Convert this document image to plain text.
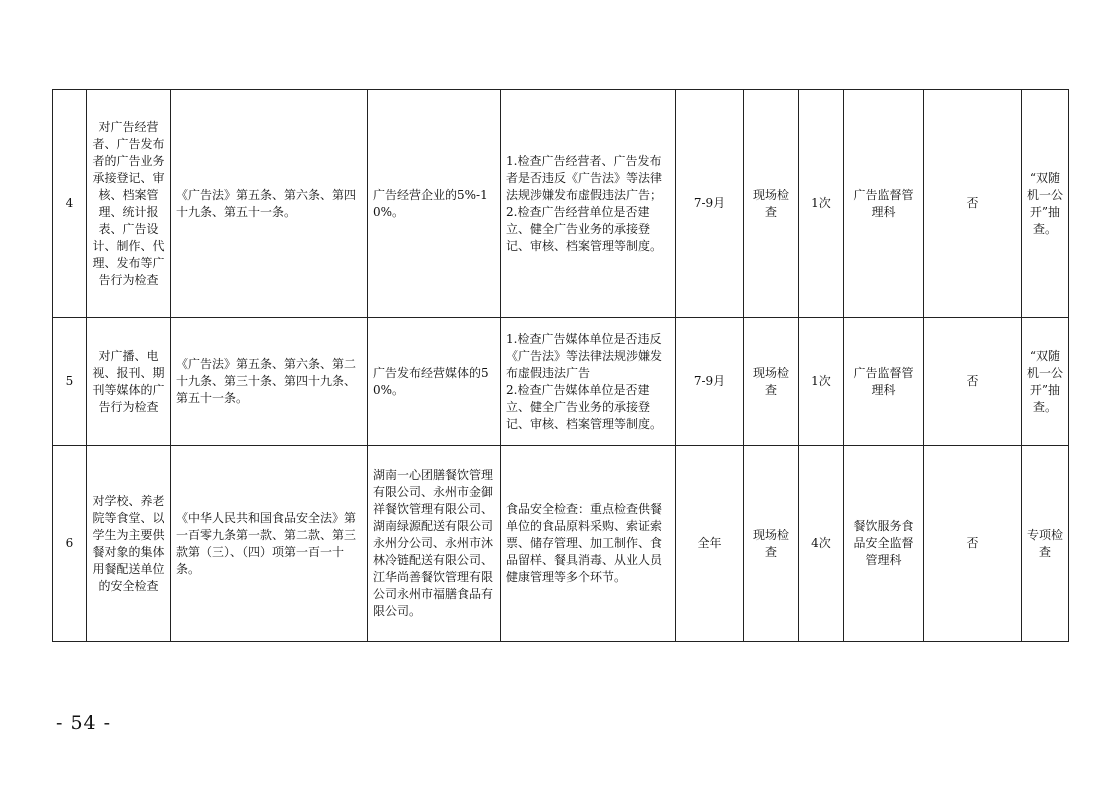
4	对广告经营者、广告发布者的广告业务承接登记、审核、档案管理、统计报表、广告设计、制作、代理、发布等广告行为检查	《广告法》第五条、第六条、第四十九条、第五十一条。	广告经营企业的5%-10%。	1.检查广告经营者、广告发布者是否违反《广告法》等法律法规涉嫌发布虚假违法广告；
2.检查广告经营单位是否建立、健全广告业务的承接登记、审核、档案管理等制度。	7-9月	现场检查	1次	广告监督管理科	否	“双随机一公开”抽查。
5	对广播、电视、报刊、期刊等媒体的广告行为检查	《广告法》第五条、第六条、第二十九条、第三十条、第四十九条、第五十一条。	广告发布经营媒体的50%。	1.检查广告媒体单位是否违反《广告法》等法律法规涉嫌发布虚假违法广告
2.检查广告媒体单位是否建立、健全广告业务的承接登记、审核、档案管理等制度。	7-9月	现场检查	1次	广告监督管理科	否	“双随机一公开”抽查。
6	对学校、养老院等食堂、以学生为主要供餐对象的集体用餐配送单位的安全检查	《中华人民共和国食品安全法》第一百零九条第一款、第二款、第三款第（三）、（四）项第一百一十条。	湖南一心团膳餐饮管理有限公司、永州市金御祥餐饮管理有限公司、湖南绿源配送有限公司永州分公司、永州市沐林冷链配送有限公司、江华尚善餐饮管理有限公司永州市福膳食品有限公司。	食品安全检查：重点检查供餐单位的食品原料采购、索证索票、储存管理、加工制作、食品留样、餐具消毒、从业人员健康管理等多个环节。	全年	现场检查	4次	餐饮服务食品安全监督管理科	否	专项检查
- 54 -
